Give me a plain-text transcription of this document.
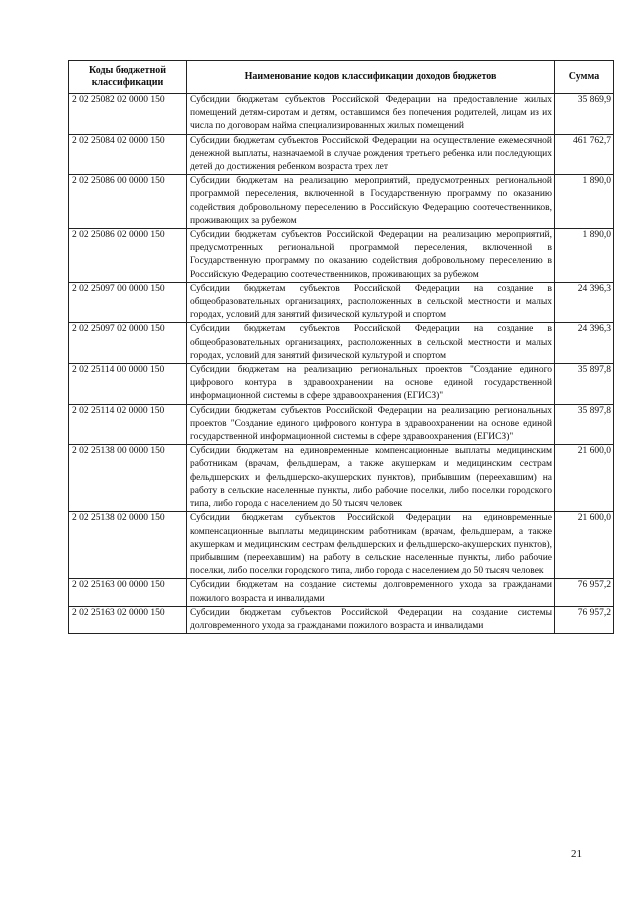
Коды бюджетной классификации	Наименование кодов классификации доходов бюджетов	Сумма
2 02 25082 02 0000 150	Субсидии бюджетам субъектов Российской Федерации на предоставление жилых помещений детям-сиротам и детям, оставшимся без попечения родителей, лицам из их числа по договорам найма специализированных жилых помещений	35 869,9
2 02 25084 02 0000 150	Субсидии бюджетам субъектов Российской Федерации на осуществление ежемесячной денежной выплаты, назначаемой в случае рождения третьего ребенка или последующих детей до достижения ребенком возраста трех лет	461 762,7
2 02 25086 00 0000 150	Субсидии бюджетам на реализацию мероприятий, предусмотренных региональной программой переселения, включенной в Государственную программу по оказанию содействия добровольному переселению в Российскую Федерацию соотечественников, проживающих за рубежом	1 890,0
2 02 25086 02 0000 150	Субсидии бюджетам субъектов Российской Федерации на реализацию мероприятий, предусмотренных региональной программой переселения, включенной в Государственную программу по оказанию содействия добровольному переселению в Российскую Федерацию соотечественников, проживающих за рубежом	1 890,0
2 02 25097 00 0000 150	Субсидии бюджетам субъектов Российской Федерации на создание в общеобразовательных организациях, расположенных в сельской местности и малых городах, условий для занятий физической культурой и спортом	24 396,3
2 02 25097 02 0000 150	Субсидии бюджетам субъектов Российской Федерации на создание в общеобразовательных организациях, расположенных в сельской местности и малых городах, условий для занятий физической культурой и спортом	24 396,3
2 02 25114 00 0000 150	Субсидии бюджетам на реализацию региональных проектов "Создание единого цифрового контура в здравоохранении на основе единой государственной информационной системы в сфере здравоохранения (ЕГИСЗ)"	35 897,8
2 02 25114 02 0000 150	Субсидии бюджетам субъектов Российской Федерации на реализацию региональных проектов "Создание единого цифрового контура в здравоохранении на основе единой государственной информационной системы в сфере здравоохранения (ЕГИСЗ)"	35 897,8
2 02 25138 00 0000 150	Субсидии бюджетам на единовременные компенсационные выплаты медицинским работникам (врачам, фельдшерам, а также акушеркам и медицинским сестрам фельдшерских и фельдшерско-акушерских пунктов), прибывшим (переехавшим) на работу в сельские населенные пункты, либо рабочие поселки, либо поселки городского типа, либо города с населением до 50 тысяч человек	21 600,0
2 02 25138 02 0000 150	Субсидии бюджетам субъектов Российской Федерации на единовременные компенсационные выплаты медицинским работникам (врачам, фельдшерам, а также акушеркам и медицинским сестрам фельдшерских и фельдшерско-акушерских пунктов), прибывшим (переехавшим) на работу в сельские населенные пункты, либо рабочие поселки, либо поселки городского типа, либо города с населением до 50 тысяч человек	21 600,0
2 02 25163 00 0000 150	Субсидии бюджетам на создание системы долговременного ухода за гражданами пожилого возраста и инвалидами	76 957,2
2 02 25163 02 0000 150	Субсидии бюджетам субъектов Российской Федерации на создание системы долговременного ухода за гражданами пожилого возраста и инвалидами	76 957,2
21
